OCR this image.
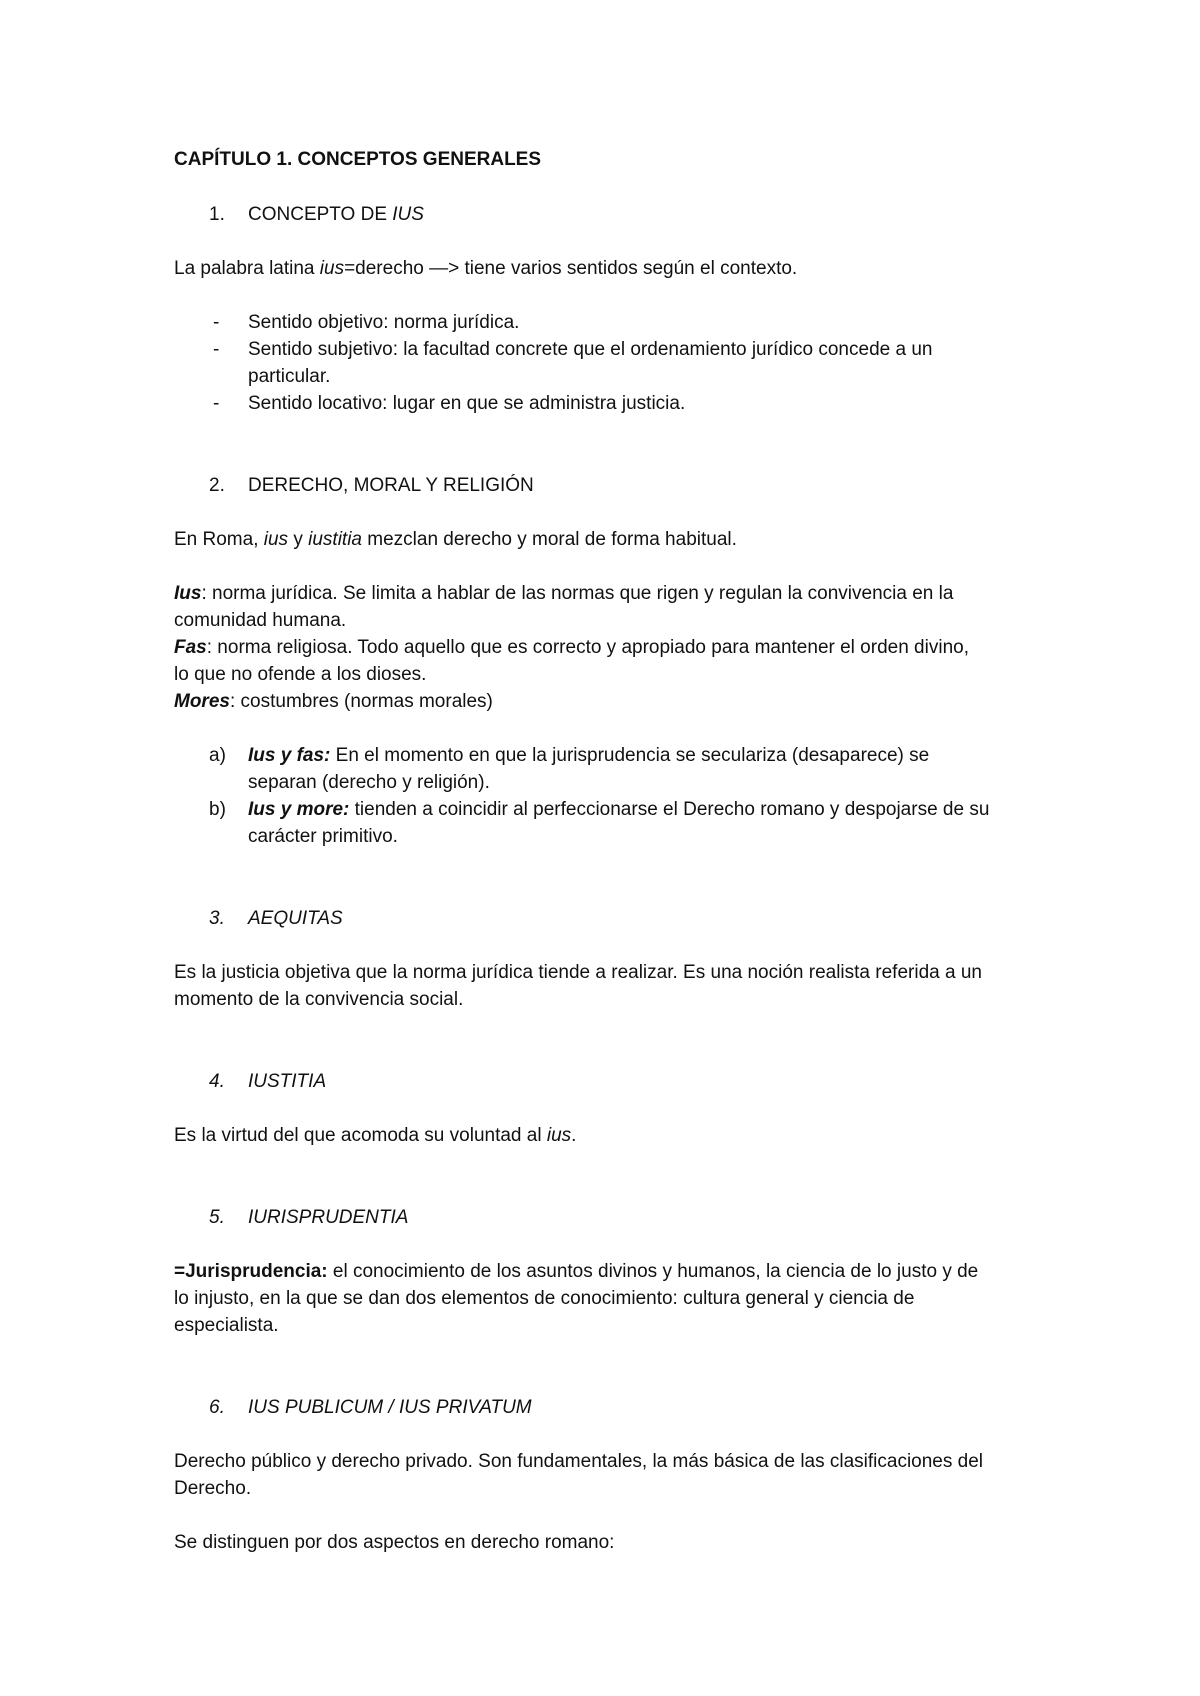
CAPÍTULO 1. CONCEPTOS GENERALES
1. CONCEPTO DE IUS
La palabra latina ius=derecho —> tiene varios sentidos según el contexto.
- Sentido objetivo: norma jurídica.
- Sentido subjetivo: la facultad concrete que el ordenamiento jurídico concede a un
particular.
- Sentido locativo: lugar en que se administra justicia.
2. DERECHO, MORAL Y RELIGIÓN
En Roma, ius y iustitia mezclan derecho y moral de forma habitual.
Ius: norma jurídica. Se limita a hablar de las normas que rigen y regulan la convivencia en la
comunidad humana.
Fas: norma religiosa. Todo aquello que es correcto y apropiado para mantener el orden divino,
lo que no ofende a los dioses.
Mores: costumbres (normas morales)
a) Ius y fas: En el momento en que la jurisprudencia se seculariza (desaparece) se
separan (derecho y religión).
b) Ius y more: tienden a coincidir al perfeccionarse el Derecho romano y despojarse de su
carácter primitivo.
3. AEQUITAS
Es la justicia objetiva que la norma jurídica tiende a realizar. Es una noción realista referida a un
momento de la convivencia social.
4. IUSTITIA
Es la virtud del que acomoda su voluntad al ius.
5. IURISPRUDENTIA
=Jurisprudencia: el conocimiento de los asuntos divinos y humanos, la ciencia de lo justo y de
lo injusto, en la que se dan dos elementos de conocimiento: cultura general y ciencia de
especialista.
6. IUS PUBLICUM / IUS PRIVATUM
Derecho público y derecho privado. Son fundamentales, la más básica de las clasificaciones del
Derecho.
Se distinguen por dos aspectos en derecho romano:
